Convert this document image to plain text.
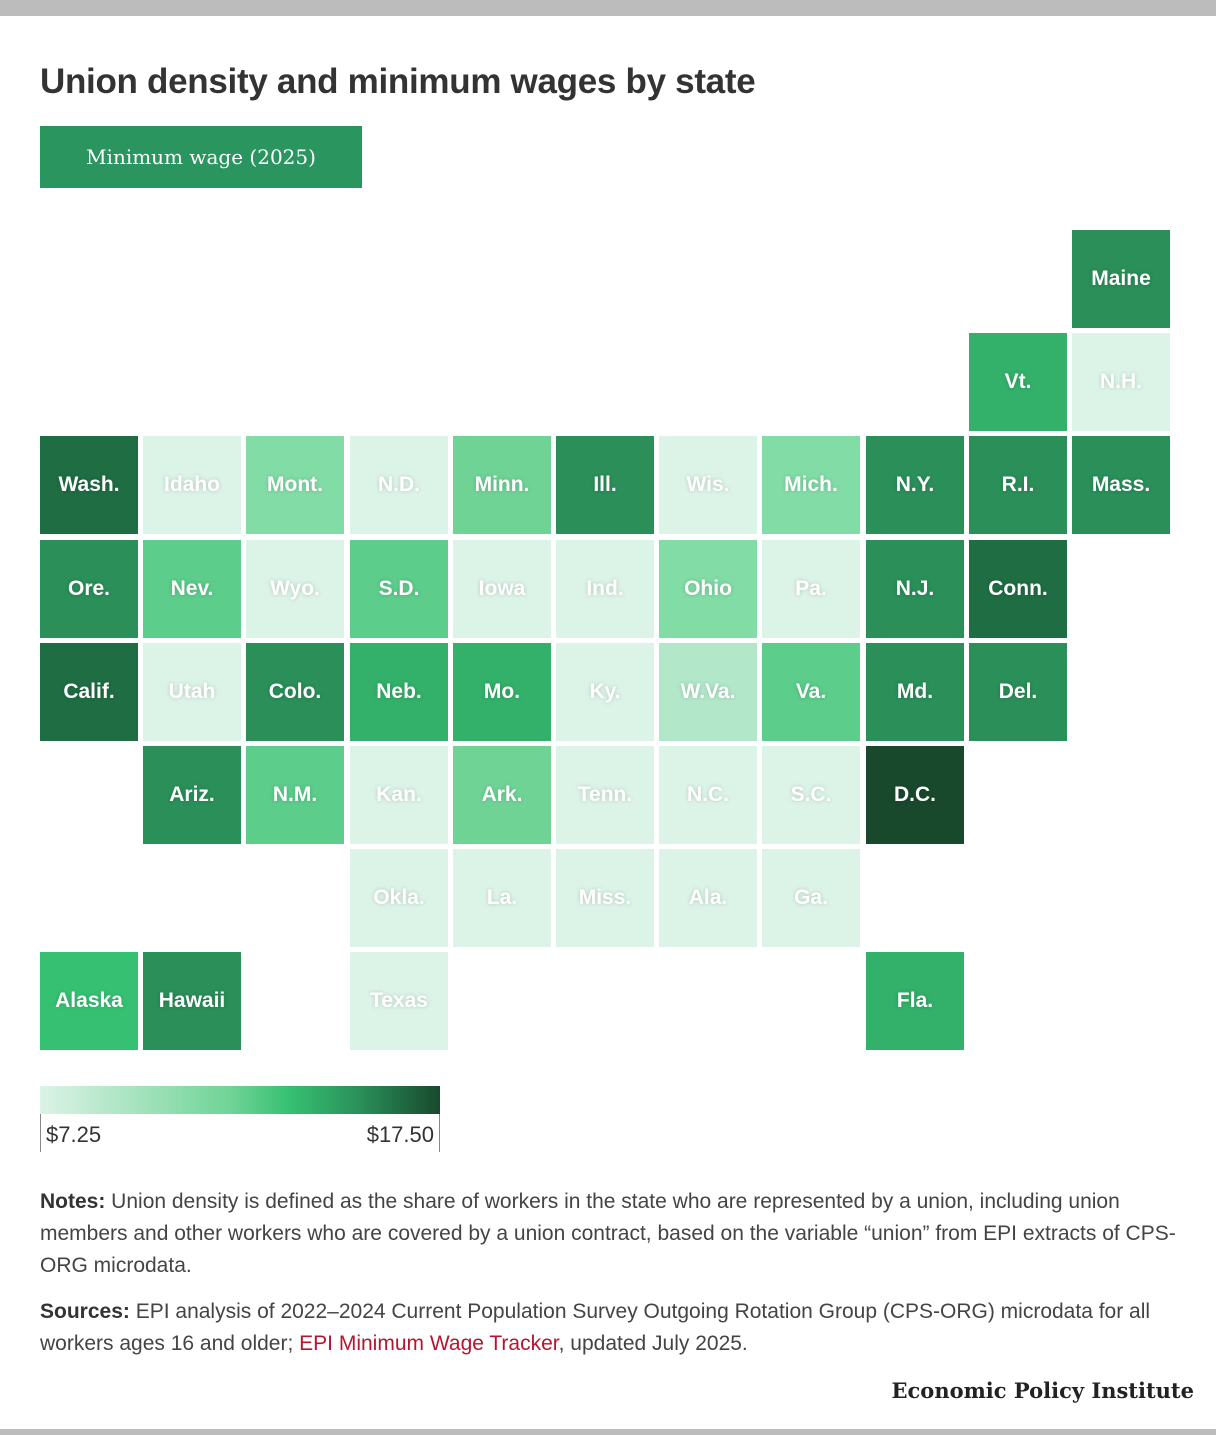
Union density and minimum wages by state
Minimum wage (2025)
Maine
Vt.	N.H.
Wash.	Idaho	Mont.	N.D.	Minn.	Ill.	Wis.	Mich.	N.Y.	R.I.	Mass.
Ore.	Nev.	Wyo.	S.D.	Iowa	Ind.	Ohio	Pa.	N.J.	Conn.
Calif.	Utah	Colo.	Neb.	Mo.	Ky.	W.Va.	Va.	Md.	Del.
Ariz.	N.M.	Kan.	Ark.	Tenn.	N.C.	S.C.	D.C.
Okla.	La.	Miss.	Ala.	Ga.
Alaska	Hawaii	Texas	Fla.
$7.25	$17.50

Notes: Union density is defined as the share of workers in the state who are represented by a union, including union members and other workers who are covered by a union contract, based on the variable “union” from EPI extracts of CPS-ORG microdata.

Sources: EPI analysis of 2022–2024 Current Population Survey Outgoing Rotation Group (CPS-ORG) microdata for all workers ages 16 and older; EPI Minimum Wage Tracker, updated July 2025.

Economic Policy Institute
